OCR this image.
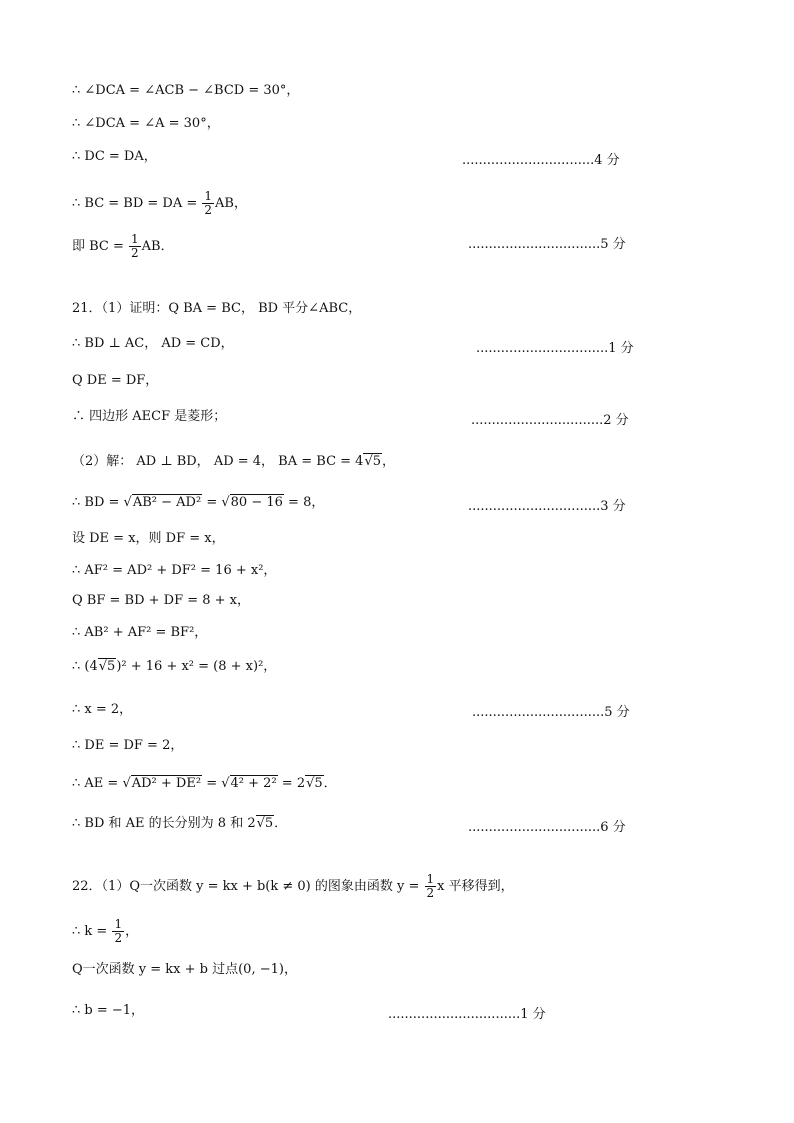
∴ ∠DCA = ∠ACB − ∠BCD = 30°，
∴ ∠DCA = ∠A = 30°，
∴ DC = DA，	................................4 分
∴ BC = BD = DA = $\frac{1}{2}$ AB，
即 BC = $\frac{1}{2}$ AB．	................................5 分
21．（1）证明：Q BA = BC， BD 平分∠ABC，
∴ BD ⊥ AC， AD = CD，	................................1 分
Q DE = DF，
∴ 四边形 AECF 是菱形；	................................2 分
（2）解： AD ⊥ BD， AD = 4， BA = BC = 4√5，
∴ BD = √AB² − AD² = √80 − 16 = 8，	................................3 分
设 DE = x，则 DF = x，
∴ AF² = AD² + DF² = 16 + x²，
Q BF = BD + DF = 8 + x，
∴ AB² + AF² = BF²，
∴ (4√5)² + 16 + x² = (8 + x)²，
∴ x = 2，	................................5 分
∴ DE = DF = 2，
∴ AE = √AD² + DE² = √4² + 2² = 2√5．
∴ BD 和 AE 的长分别为 8 和 2√5．	................................6 分
22．（1）Q一次函数 y = kx + b(k ≠ 0) 的图象由函数 $y = \frac{1}{2}$ x 平移得到，
∴ $k = \frac{1}{2}$ ，
Q一次函数 y = kx + b 过点(0, −1)，
∴ b = −1，	................................1 分
